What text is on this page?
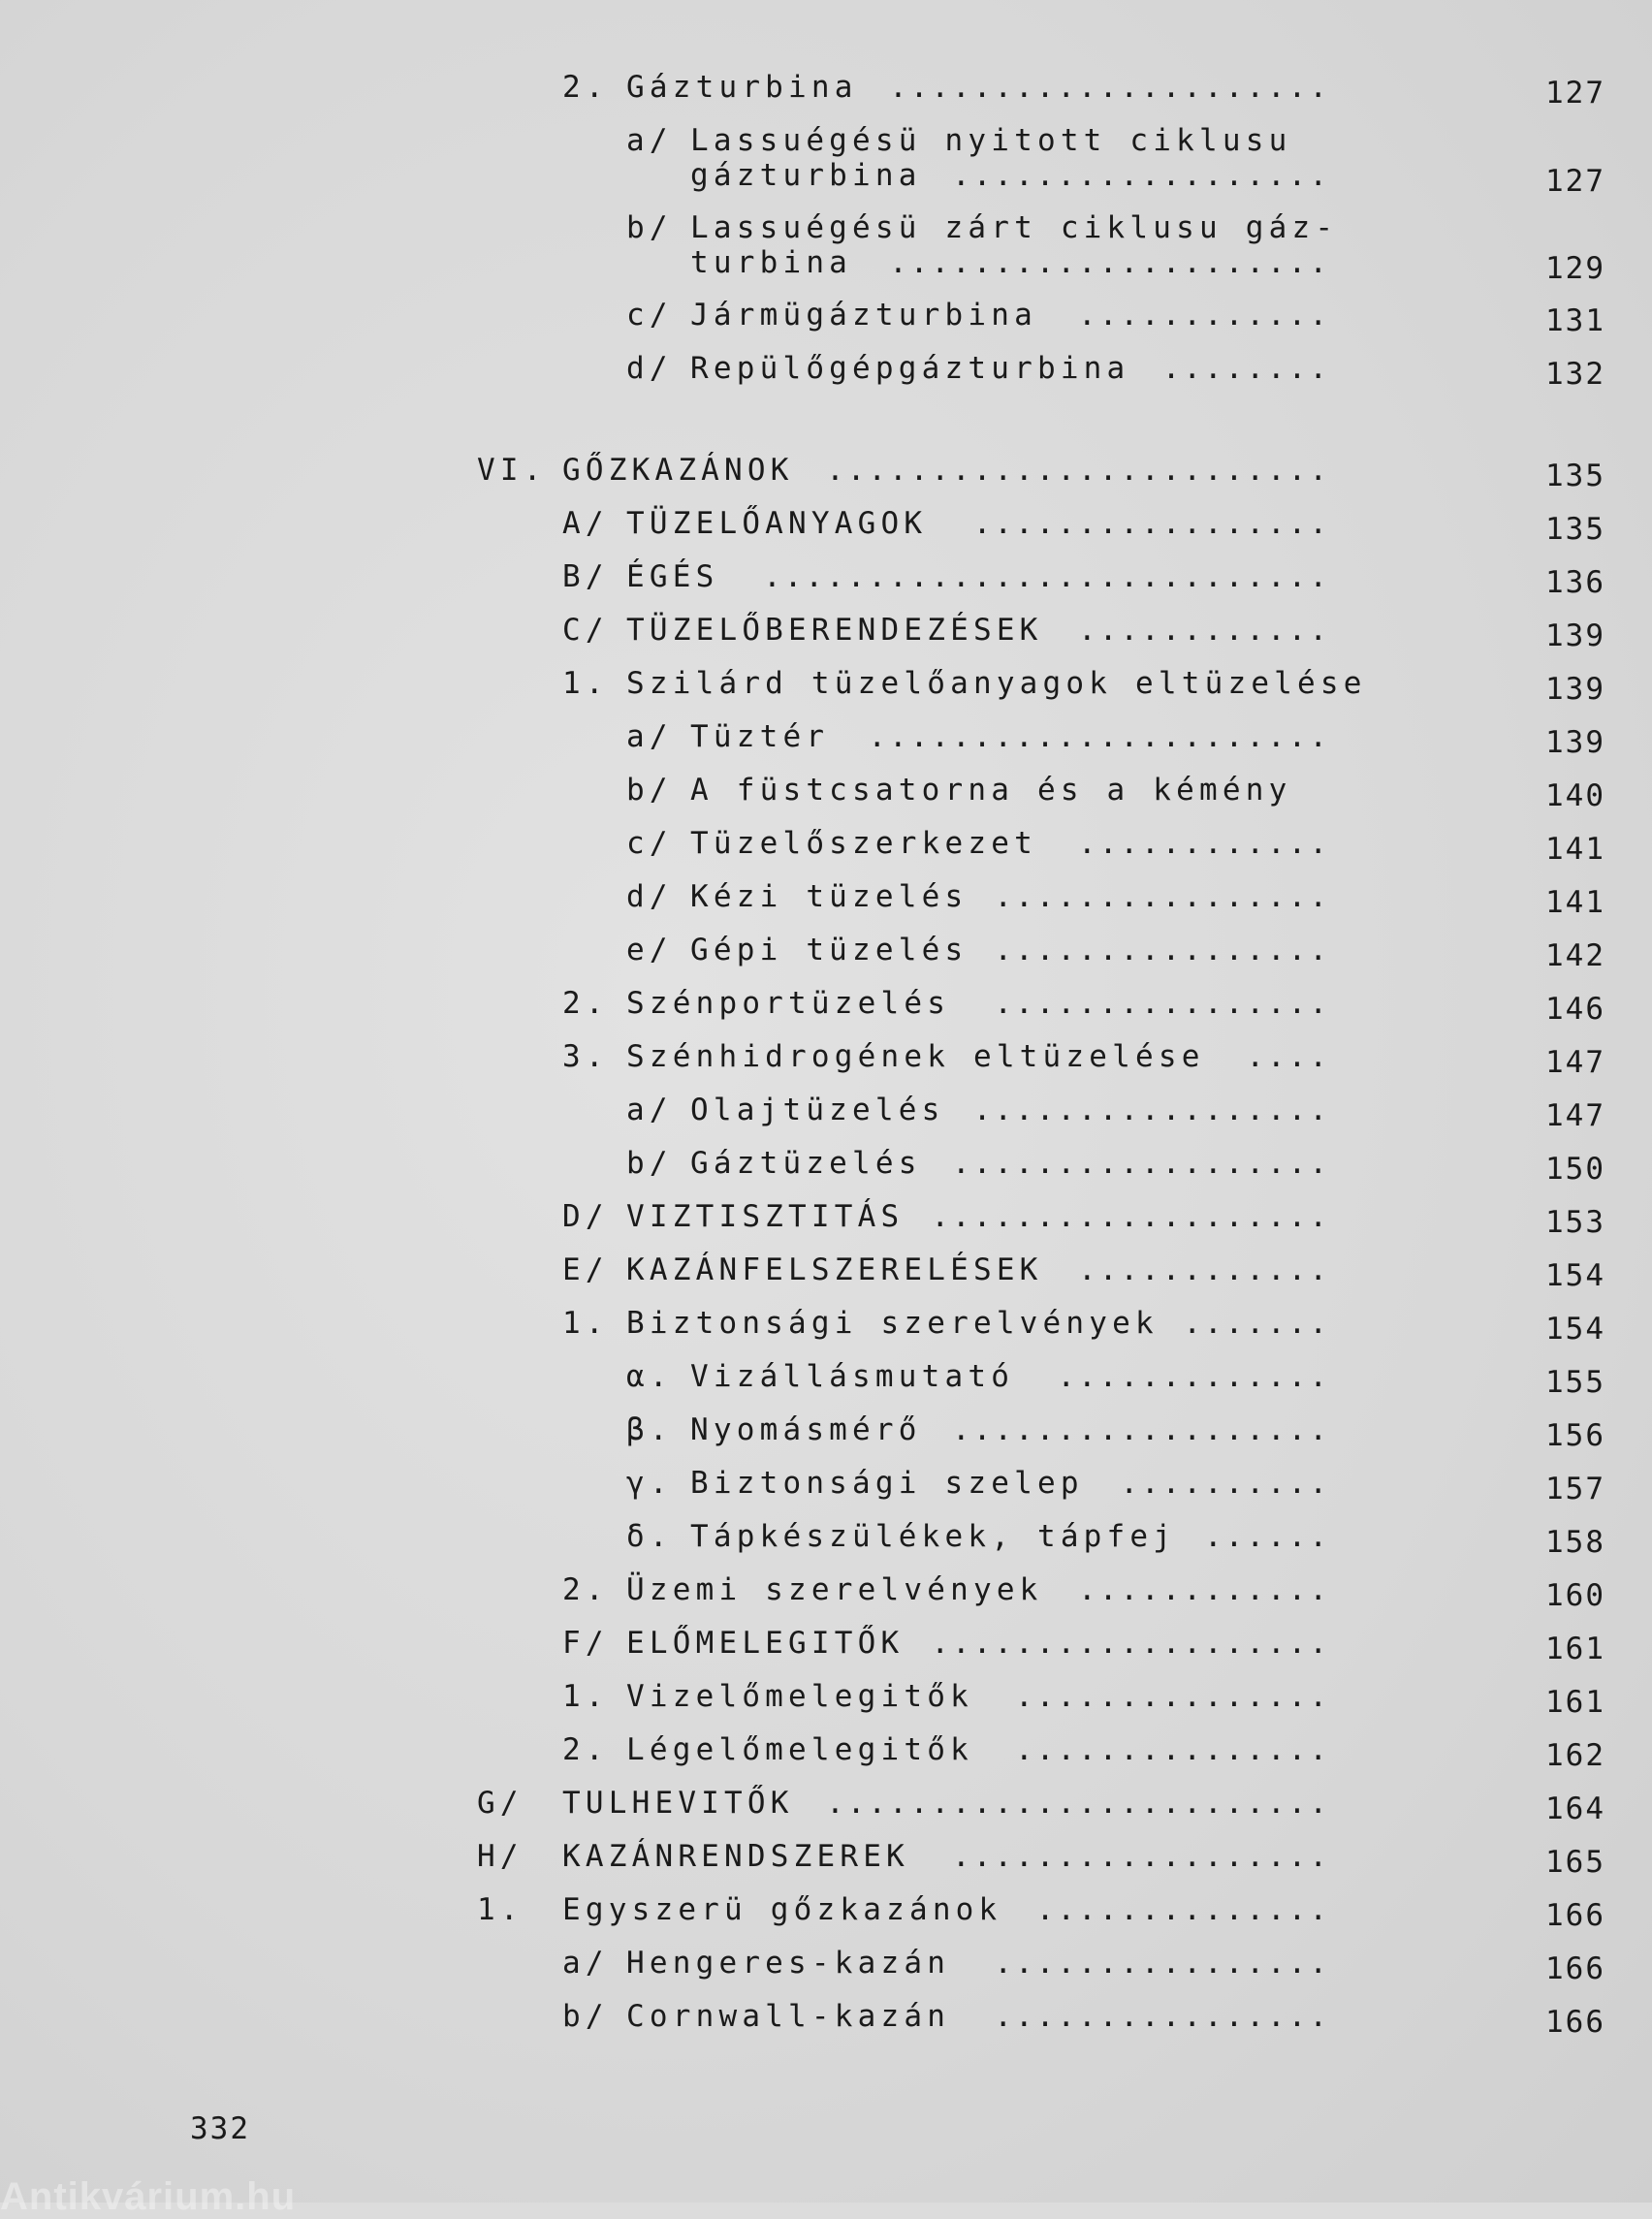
2. Gázturbina	.....................	127
a/ Lassuégésü nyitott ciklusu
gázturbina ..................	127
b/ Lassuégésü zárt ciklusu gáz-
turbina	.....................	129
c/ Jármügázturbina	............	131
d/ Repülőgépgázturbina	........	132
VI. GŐZKAZÁNOK	........................	135
A/ TÜZELŐANYAGOK	.................	135
B/ ÉGÉS	...........................	136
C/ TÜZELŐBERENDEZÉSEK	............	139
1. Szilárd tüzelőanyagok eltüzelése	139
a/ Tüztér	......................	139
b/ A füstcsatorna és a kémény	140
c/ Tüzelőszerkezet	............	141
d/ Kézi tüzelés ................	141
e/ Gépi tüzelés ................	142
2. Szénportüzelés	................	146
3. Szénhidrogének eltüzelése	....	147
a/ Olajtüzelés .................	147
b/ Gáztüzelés ..................	150
D/ VIZTISZTITÁS ...................	153
E/ KAZÁNFELSZERELÉSEK	............	154
1. Biztonsági szerelvények .......	154
α. Vizállásmutató	.............	155
β. Nyomásmérő ..................	156
γ. Biztonsági szelep	..........	157
δ. Tápkészülékek, tápfej ......	158
2. Üzemi szerelvények	............	160
F/ ELŐMELEGITŐK ...................	161
1. Vizelőmelegitők	...............	161
2. Légelőmelegitők	...............	162
G/ TULHEVITŐK	........................	164
H/ KAZÁNRENDSZEREK	..................	165
1. Egyszerü gőzkazánok	..............	166
a/ Hengeres-kazán	................	166
b/ Cornwall-kazán	................	166
332
Antikvárium.hu
